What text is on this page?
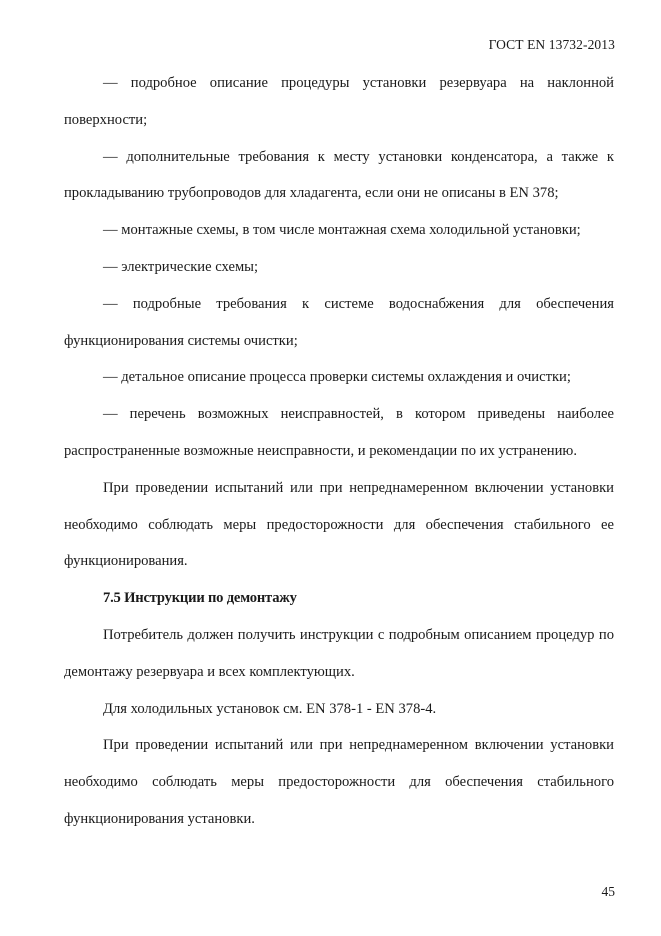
ГОСТ EN 13732-2013

— подробное описание процедуры установки резервуара на наклонной поверхности;

— дополнительные требования к месту установки конденсатора, а также к прокладыванию трубопроводов для хладагента, если они не описаны в EN 378;

— монтажные схемы, в том числе монтажная схема холодильной установки;

— электрические схемы;

— подробные требования к системе водоснабжения для обеспечения функционирования системы очистки;

— детальное описание процесса проверки системы охлаждения и очистки;

— перечень возможных неисправностей, в котором приведены наиболее распространенные возможные неисправности, и рекомендации по их устранению.

При проведении испытаний или при непреднамеренном включении установки необходимо соблюдать меры предосторожности для обеспечения стабильного ее функционирования.

7.5 Инструкции по демонтажу

Потребитель должен получить инструкции с подробным описанием процедур по демонтажу резервуара и всех комплектующих.

Для холодильных установок см. EN 378-1 - EN 378-4.

При проведении испытаний или при непреднамеренном включении установки необходимо соблюдать меры предосторожности для обеспечения стабильного функционирования установки.

45
